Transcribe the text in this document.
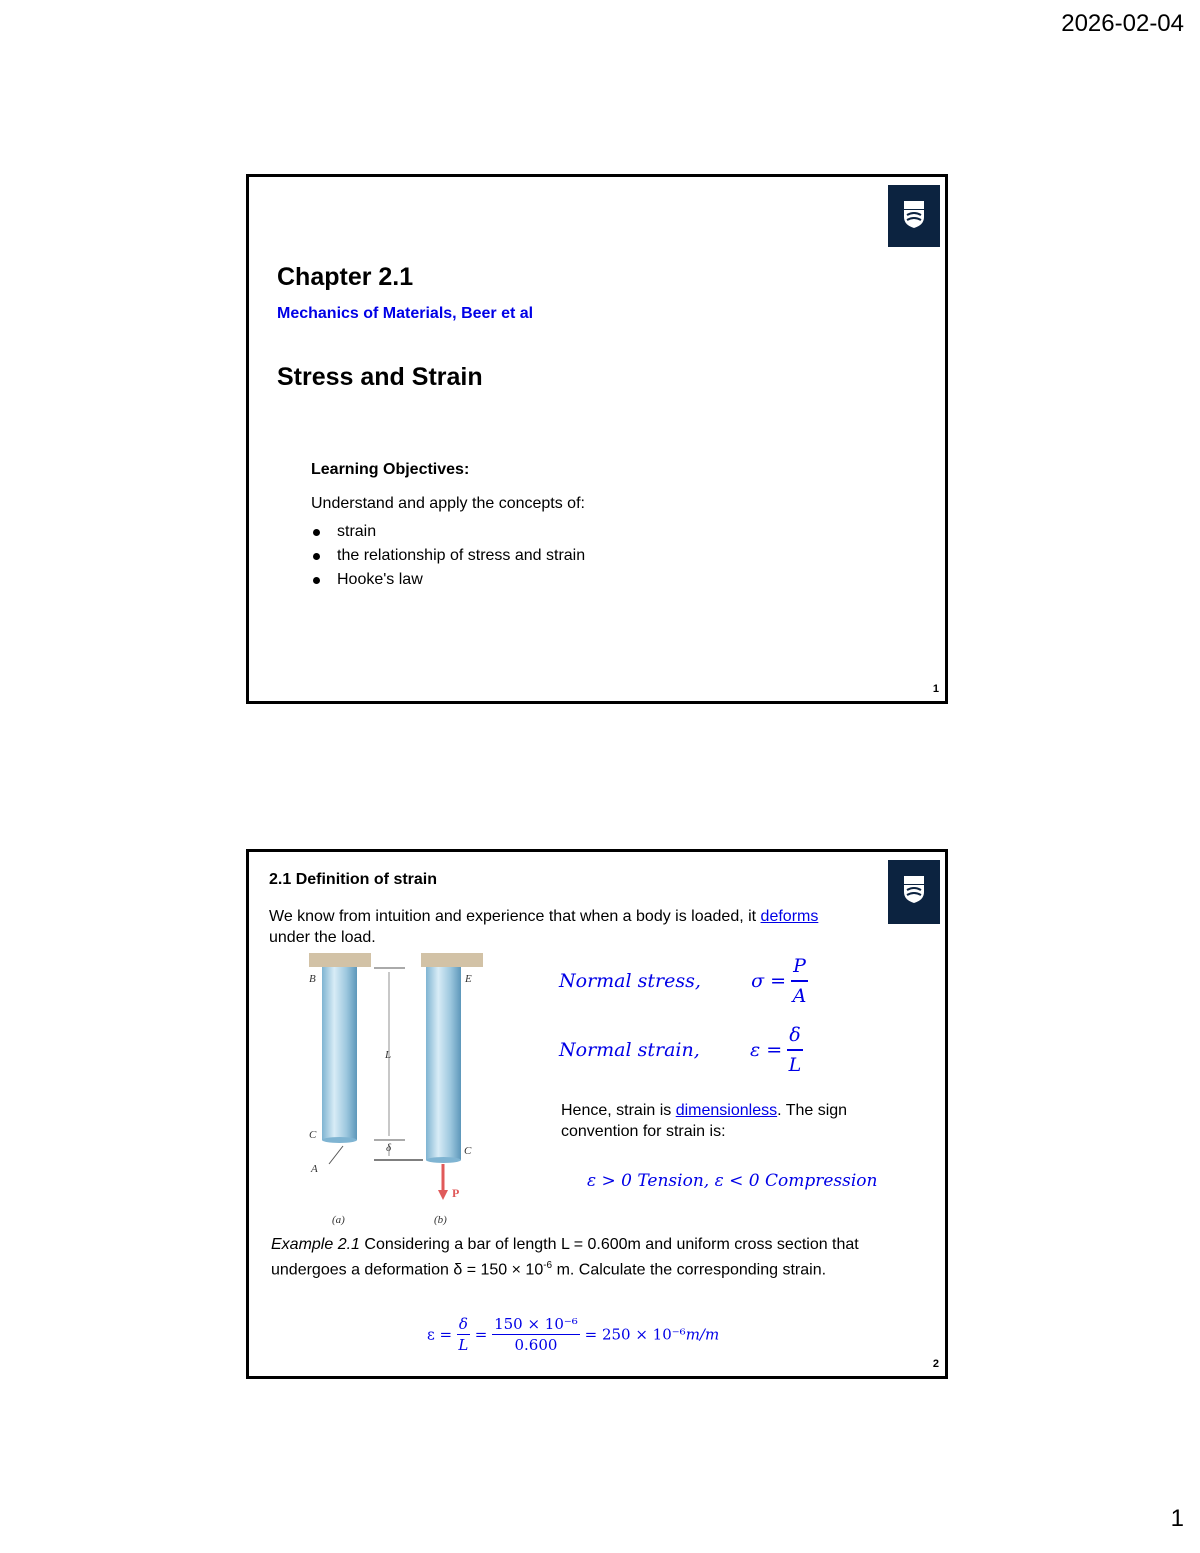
2026-02-04
Chapter 2.1
Mechanics of Materials, Beer et al
Stress and Strain
Learning Objectives:
Understand and apply the concepts of:
strain
the relationship of stress and strain
Hooke's law
1
2.1 Definition of strain
We know from intuition and experience that when a body is loaded, it deforms
under the load.
B	E
L
C
C
δ
A
P
(a)	(b)
Normal stress,	$\sigma = \frac{P}{A}$
Normal strain,	$\varepsilon = \frac{\delta}{L}$
Hence, strain is dimensionless. The sign convention for strain is:
ε > 0 Tension, ε < 0 Compression
Example 2.1 Considering a bar of length L = 0.600m and uniform cross section that undergoes a deformation $\delta = 150 \times 10^{-6}$ m. Calculate the corresponding strain.
$\varepsilon = \frac{\delta}{L} = \frac{\text{150 × 10⁻⁶}}{0.600} = 250 \times 10^{-6}m/m$
2
1
